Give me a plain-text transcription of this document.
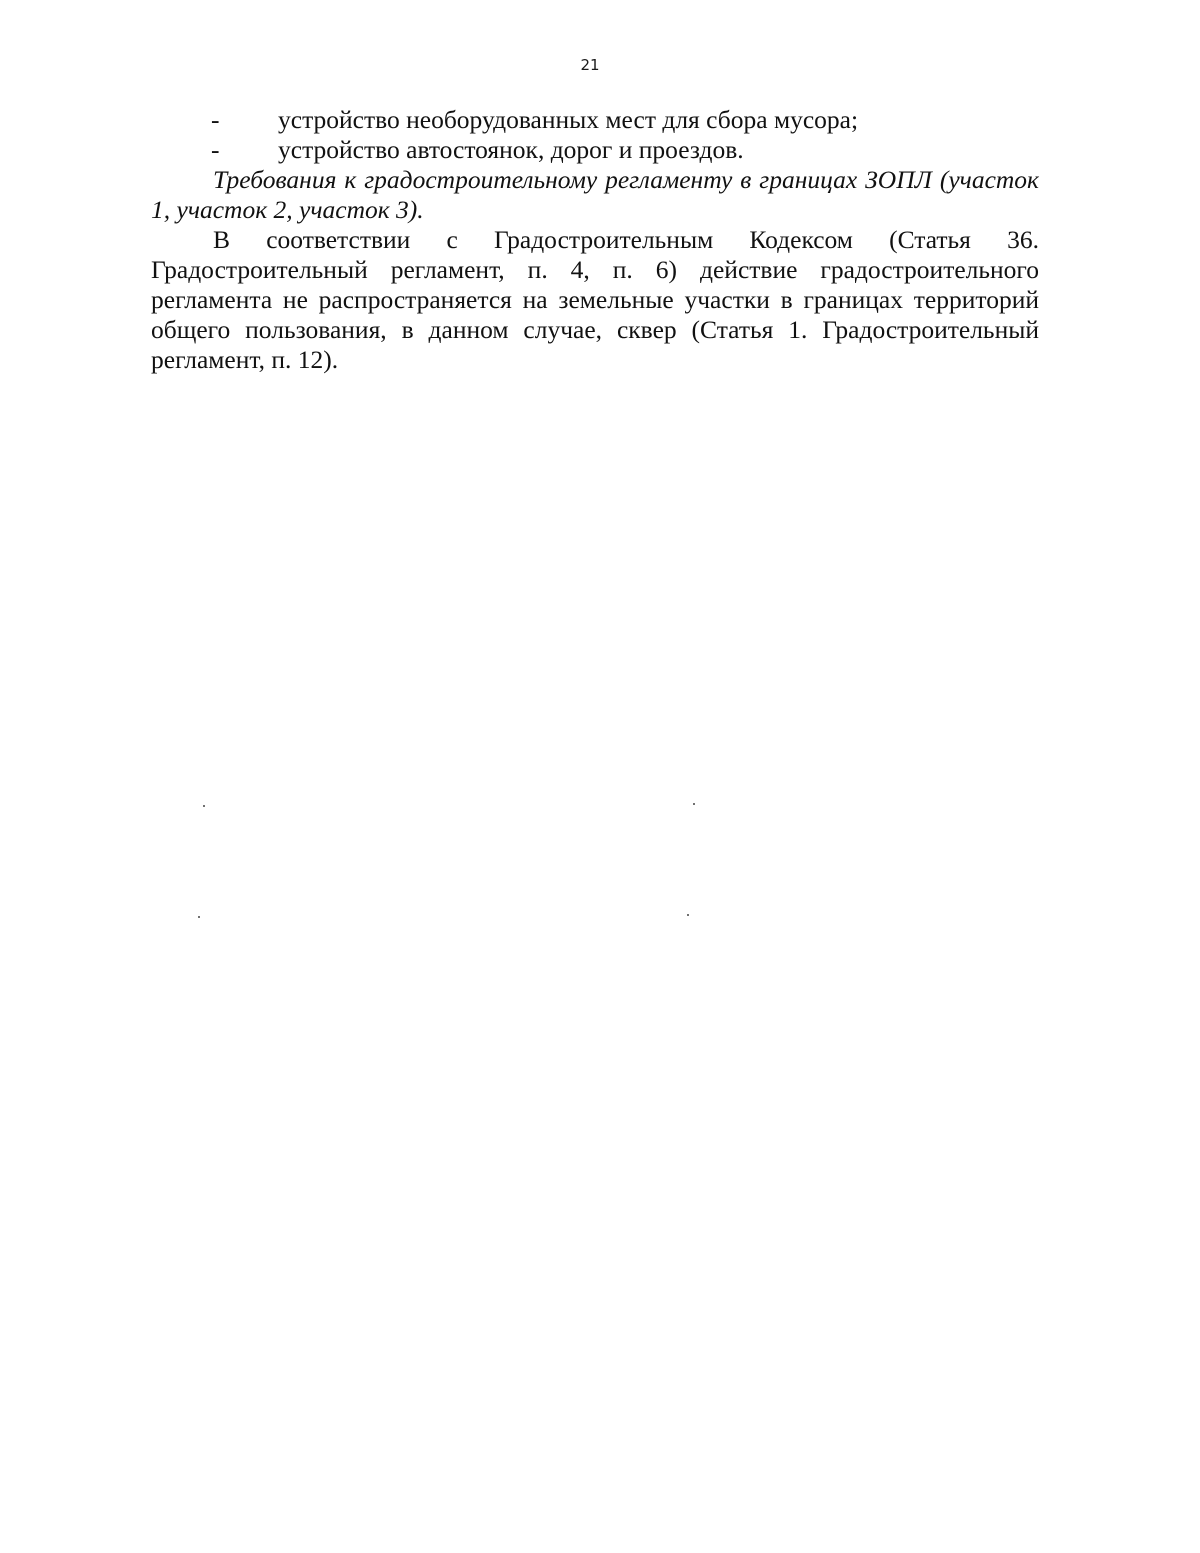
21
-	устройство необорудованных мест для сбора мусора;
-	устройство автостоянок, дорог и проездов.

Требования к градостроительному регламенту в границах ЗОПЛ (участок 1, участок 2, участок 3).

В соответствии с Градостроительным Кодексом (Статья 36. Градостроительный регламент, п. 4, п. 6) действие градостроительного регламента не распространяется на земельные участки в границах территорий общего пользования, в данном случае, сквер (Статья 1. Градостроительный регламент, п. 12).
